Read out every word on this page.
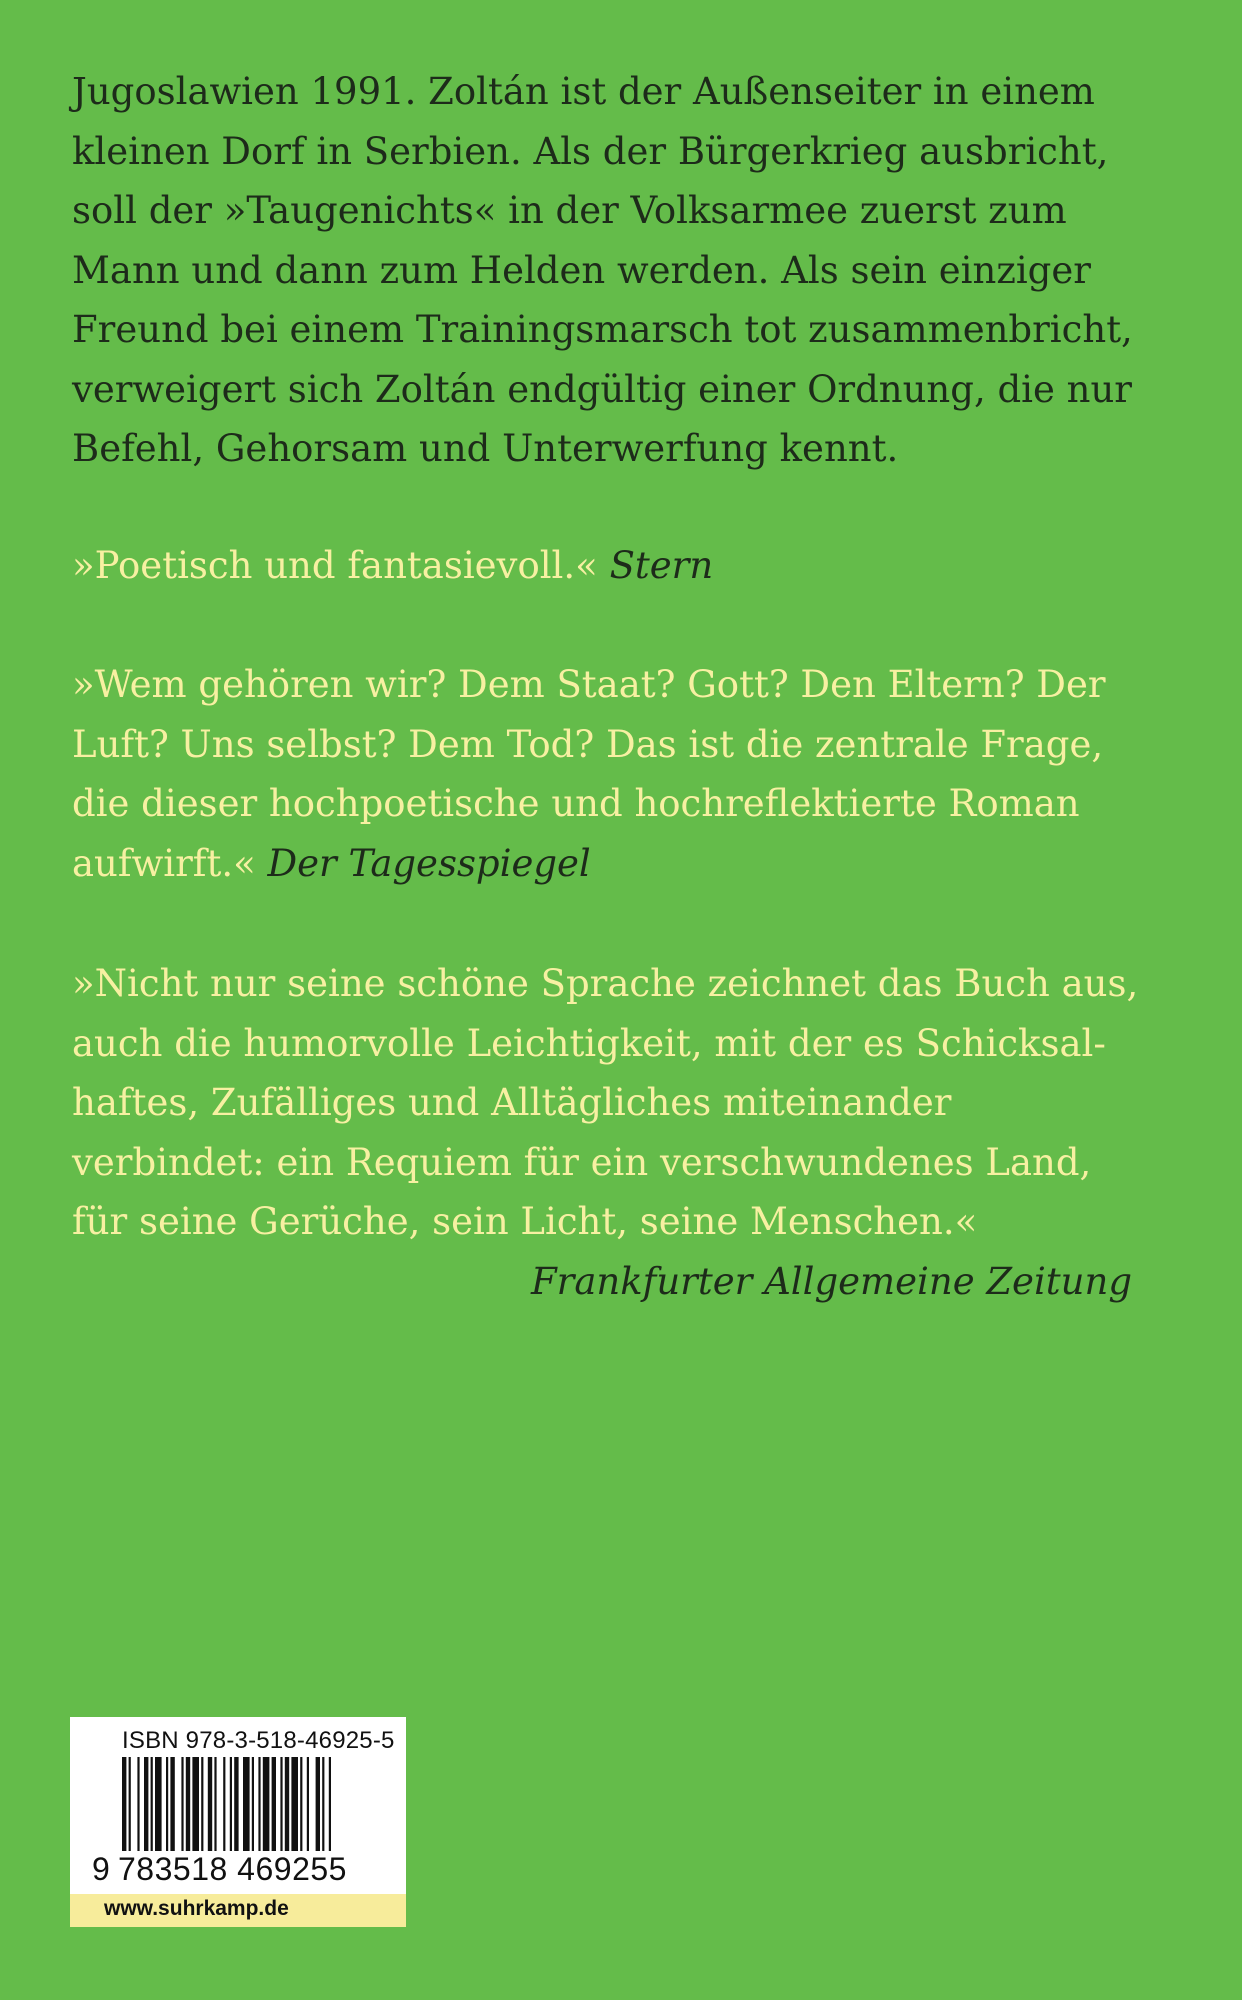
Jugoslawien 1991. Zoltán ist der Außenseiter in einem
kleinen Dorf in Serbien. Als der Bürgerkrieg ausbricht,
soll der »Taugenichts« in der Volksarmee zuerst zum
Mann und dann zum Helden werden. Als sein einziger
Freund bei einem Trainingsmarsch tot zusammenbricht,
verweigert sich Zoltán endgültig einer Ordnung, die nur
Befehl, Gehorsam und Unterwerfung kennt.

»Poetisch und fantasievoll.« Stern

»Wem gehören wir? Dem Staat? Gott? Den Eltern? Der
Luft? Uns selbst? Dem Tod? Das ist die zentrale Frage,
die dieser hochpoetische und hochreflektierte Roman
aufwirft.« Der Tagesspiegel

»Nicht nur seine schöne Sprache zeichnet das Buch aus,
auch die humorvolle Leichtigkeit, mit der es Schicksal-
haftes, Zufälliges und Alltägliches miteinander
verbindet: ein Requiem für ein verschwundenes Land,
für seine Gerüche, sein Licht, seine Menschen.«
Frankfurter Allgemeine Zeitung

ISBN 978-3-518-46925-5
9 783518 469255
www.suhrkamp.de
